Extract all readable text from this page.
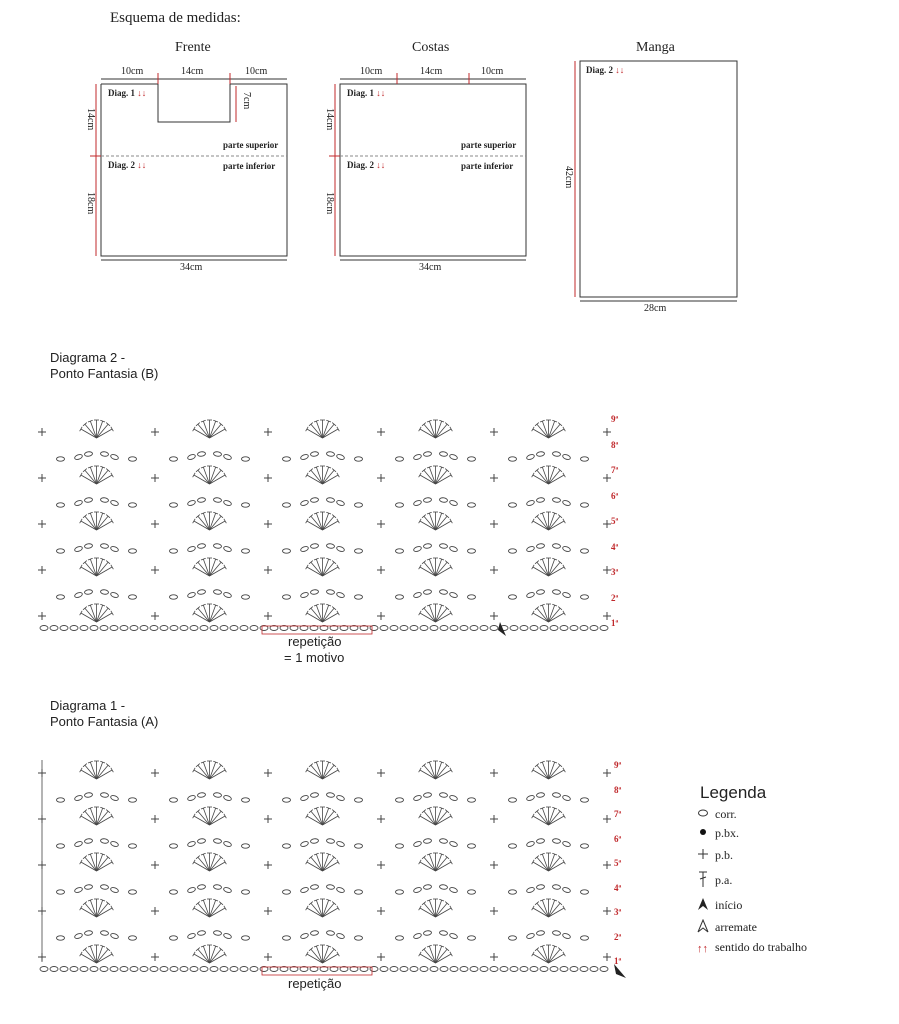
Esquema de medidas:
Frente	Costas	Manga
10cm	14cm	10cm
7cm
14cm
18cm
34cm
Diag. 1 ↓↓
Diag. 2 ↓↓
parte superior
parte inferior
10cm	14cm	10cm
14cm
18cm
34cm
Diag. 1 ↓↓
Diag. 2 ↓↓
parte superior
parte inferior
Diag. 2 ↓↓
42cm
28cm
Diagrama 2 -
Ponto Fantasia (B)
Diagrama 1 -
Ponto Fantasia (A)
9ª
8ª
7ª
6ª
5ª
4ª
3ª
2ª
1ª
9ª
8ª
7ª
6ª
5ª
4ª
3ª
2ª
1ª
repetição
= 1 motivo
repetição
Legenda
corr.
p.bx.
p.b.
p.a.
início
arremate
↑↑ sentido do trabalho
